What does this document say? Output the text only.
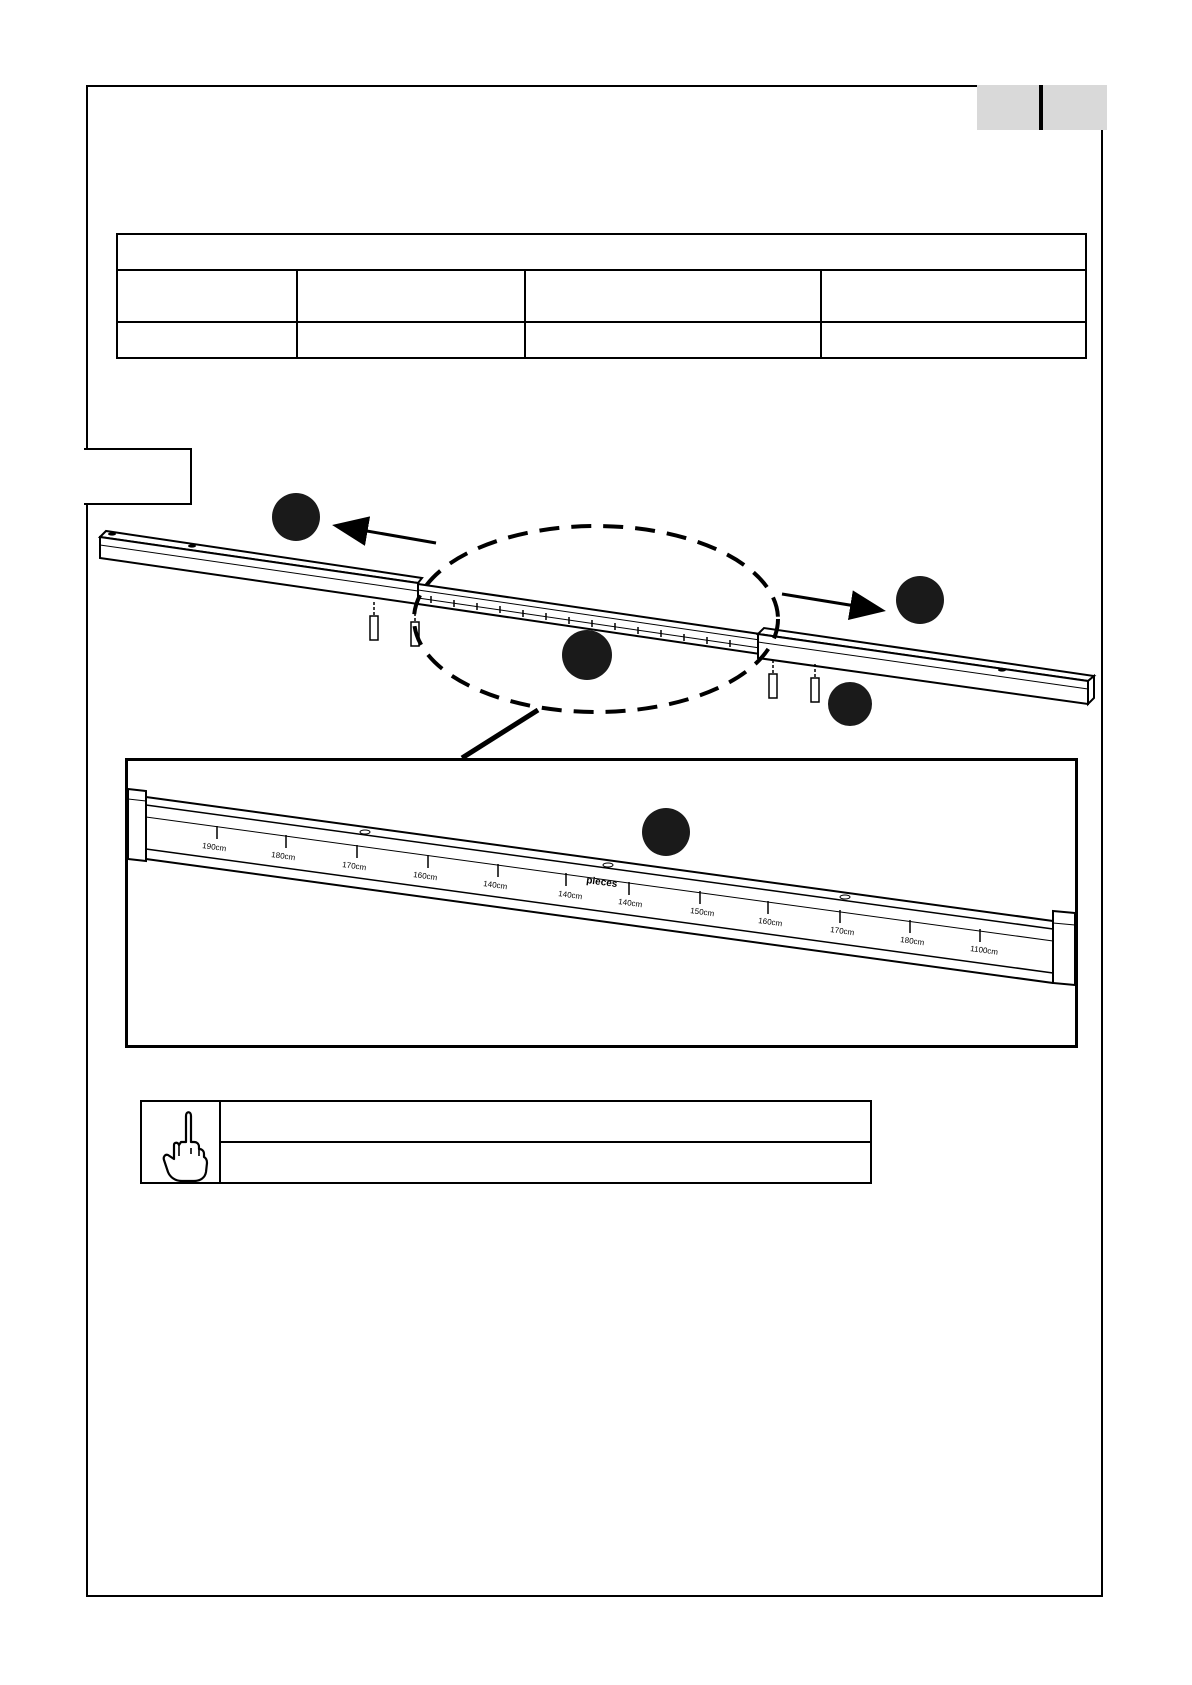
190cm
180cm
170cm
160cm
140cm
140cm
140cm
150cm
160cm
170cm
180cm
1100cm
pieces
